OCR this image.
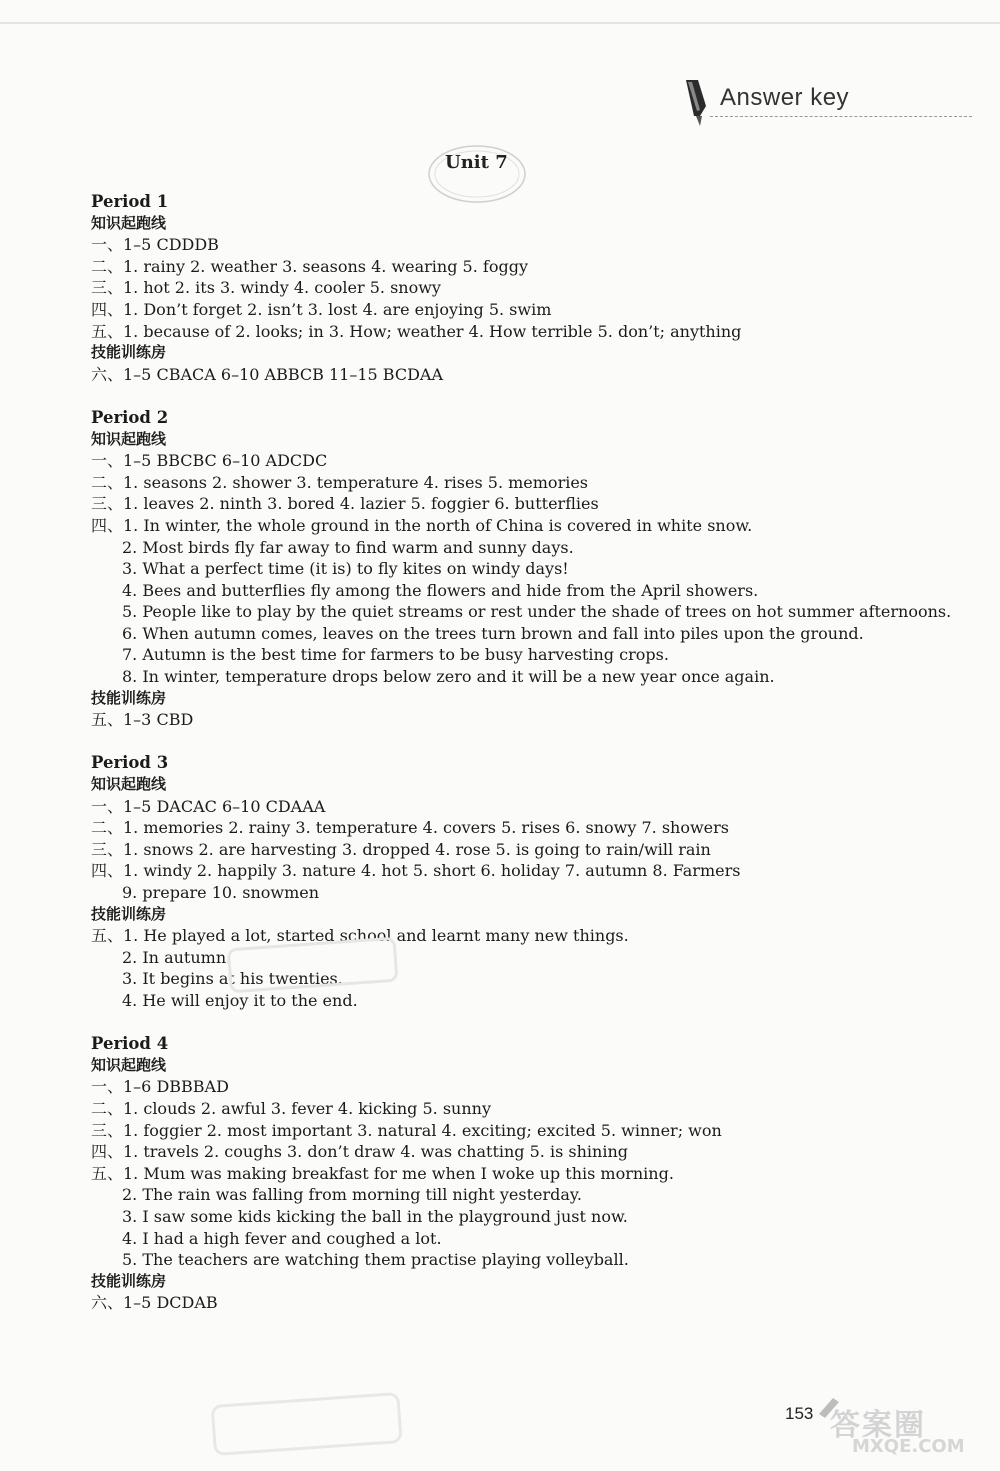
Answer key
Unit 7
Period 1
知识起跑线
一、1–5 CDDDB
二、1. rainy 2. weather 3. seasons 4. wearing 5. foggy
三、1. hot 2. its 3. windy 4. cooler 5. snowy
四、1. Don’t forget 2. isn’t 3. lost 4. are enjoying 5. swim
五、1. because of 2. looks; in 3. How; weather 4. How terrible 5. don’t; anything
技能训练房
六、1–5 CBACA 6–10 ABBCB 11–15 BCDAA
Period 2
知识起跑线
一、1–5 BBCBC 6–10 ADCDC
二、1. seasons 2. shower 3. temperature 4. rises 5. memories
三、1. leaves 2. ninth 3. bored 4. lazier 5. foggier 6. butterflies
四、1. In winter, the whole ground in the north of China is covered in white snow.
2. Most birds fly far away to find warm and sunny days.
3. What a perfect time (it is) to fly kites on windy days!
4. Bees and butterflies fly among the flowers and hide from the April showers.
5. People like to play by the quiet streams or rest under the shade of trees on hot summer afternoons.
6. When autumn comes, leaves on the trees turn brown and fall into piles upon the ground.
7. Autumn is the best time for farmers to be busy harvesting crops.
8. In winter, temperature drops below zero and it will be a new year once again.
技能训练房
五、1–3 CBD
Period 3
知识起跑线
一、1–5 DACAC 6–10 CDAAA
二、1. memories 2. rainy 3. temperature 4. covers 5. rises 6. snowy 7. showers
三、1. snows 2. are harvesting 3. dropped 4. rose 5. is going to rain/will rain
四、1. windy 2. happily 3. nature 4. hot 5. short 6. holiday 7. autumn 8. Farmers
9. prepare 10. snowmen
技能训练房
五、1. He played a lot, started school and learnt many new things.
2. In autumn.
3. It begins at his twenties.
4. He will enjoy it to the end.
Period 4
知识起跑线
一、1–6 DBBBAD
二、1. clouds 2. awful 3. fever 4. kicking 5. sunny
三、1. foggier 2. most important 3. natural 4. exciting; excited 5. winner; won
四、1. travels 2. coughs 3. don’t draw 4. was chatting 5. is shining
五、1. Mum was making breakfast for me when I woke up this morning.
2. The rain was falling from morning till night yesterday.
3. I saw some kids kicking the ball in the playground just now.
4. I had a high fever and coughed a lot.
5. The teachers are watching them practise playing volleyball.
技能训练房
六、1–5 DCDAB
153 答案圈
MXQE.COM
